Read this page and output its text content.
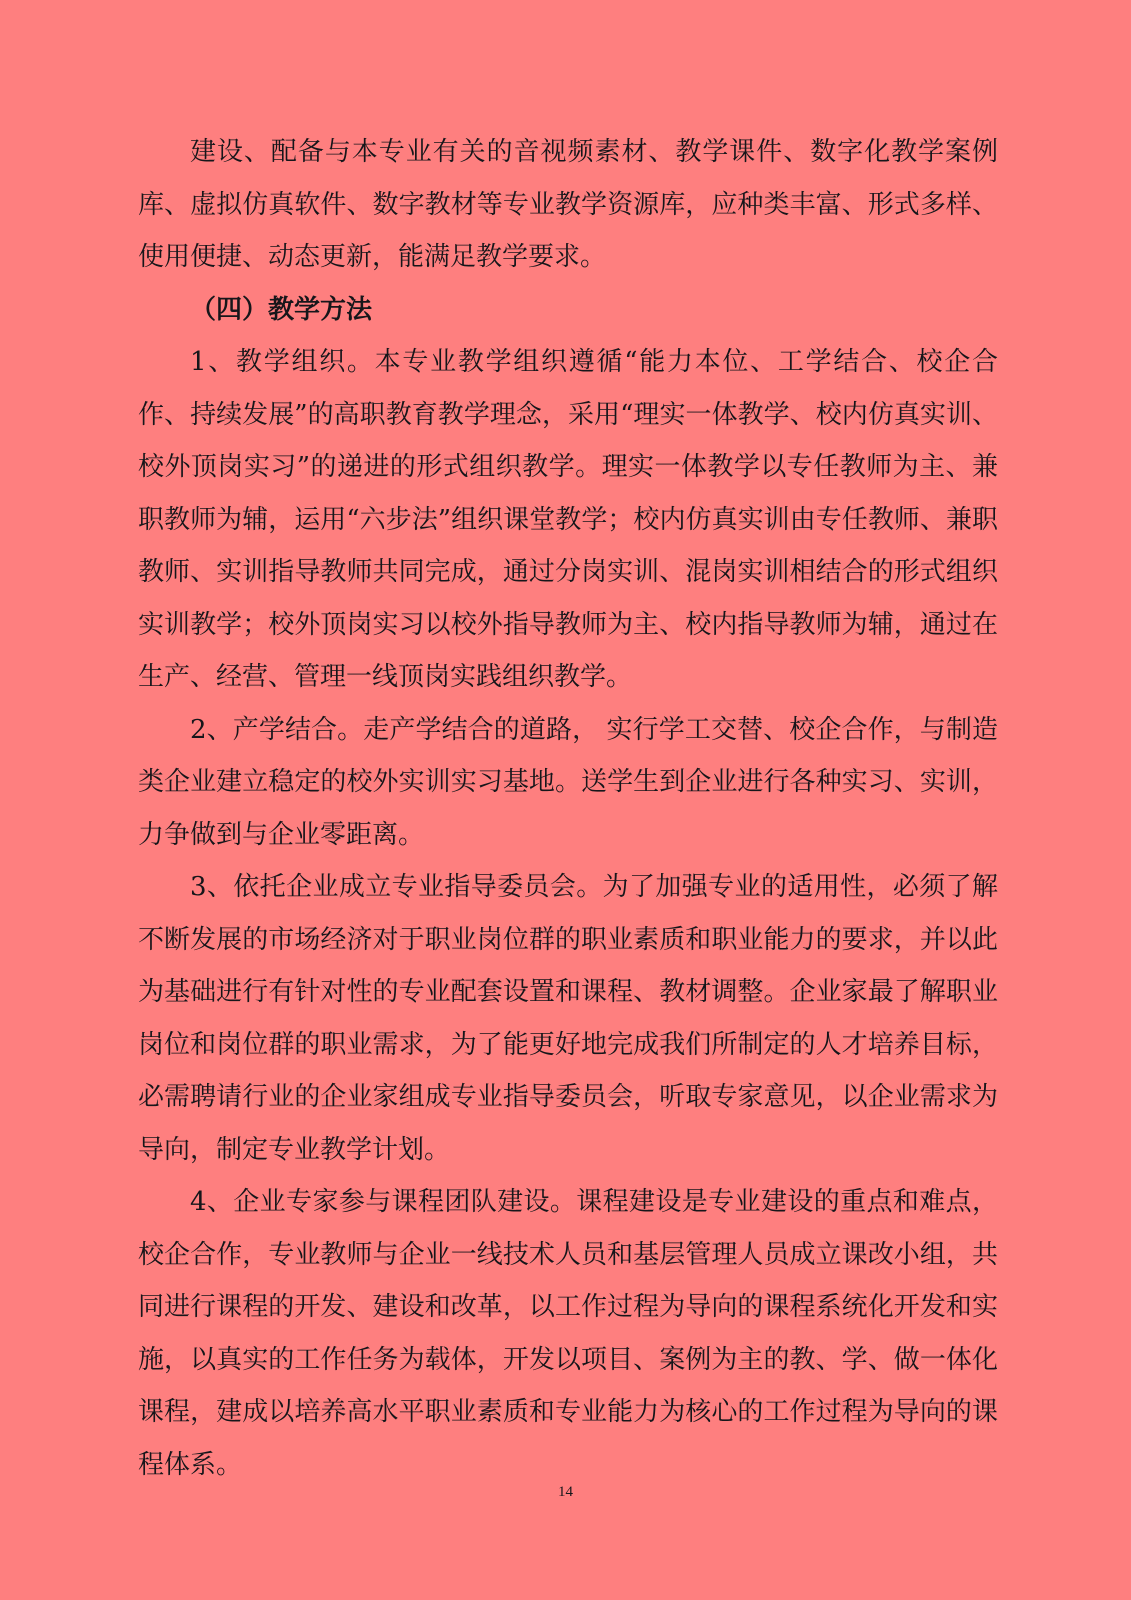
建设、配备与本专业有关的音视频素材、教学课件、数字化教学案例库、虚拟仿真软件、数字教材等专业教学资源库，应种类丰富、形式多样、使用便捷、动态更新，能满足教学要求。

（四）教学方法

1、教学组织。本专业教学组织遵循“能力本位、工学结合、校企合作、持续发展”的高职教育教学理念，采用“理实一体教学、校内仿真实训、校外顶岗实习”的递进的形式组织教学。理实一体教学以专任教师为主、兼职教师为辅，运用“六步法”组织课堂教学；校内仿真实训由专任教师、兼职教师、实训指导教师共同完成，通过分岗实训、混岗实训相结合的形式组织实训教学；校外顶岗实习以校外指导教师为主、校内指导教师为辅，通过在生产、经营、管理一线顶岗实践组织教学。

2、产学结合。走产学结合的道路， 实行学工交替、校企合作，与制造类企业建立稳定的校外实训实习基地。送学生到企业进行各种实习、实训，力争做到与企业零距离。

3、依托企业成立专业指导委员会。为了加强专业的适用性，必须了解不断发展的市场经济对于职业岗位群的职业素质和职业能力的要求，并以此为基础进行有针对性的专业配套设置和课程、教材调整。企业家最了解职业岗位和岗位群的职业需求，为了能更好地完成我们所制定的人才培养目标，必需聘请行业的企业家组成专业指导委员会，听取专家意见，以企业需求为导向，制定专业教学计划。

4、企业专家参与课程团队建设。课程建设是专业建设的重点和难点，校企合作，专业教师与企业一线技术人员和基层管理人员成立课改小组，共同进行课程的开发、建设和改革，以工作过程为导向的课程系统化开发和实施，以真实的工作任务为载体，开发以项目、案例为主的教、学、做一体化课程，建成以培养高水平职业素质和专业能力为核心的工作过程为导向的课程体系。

14
